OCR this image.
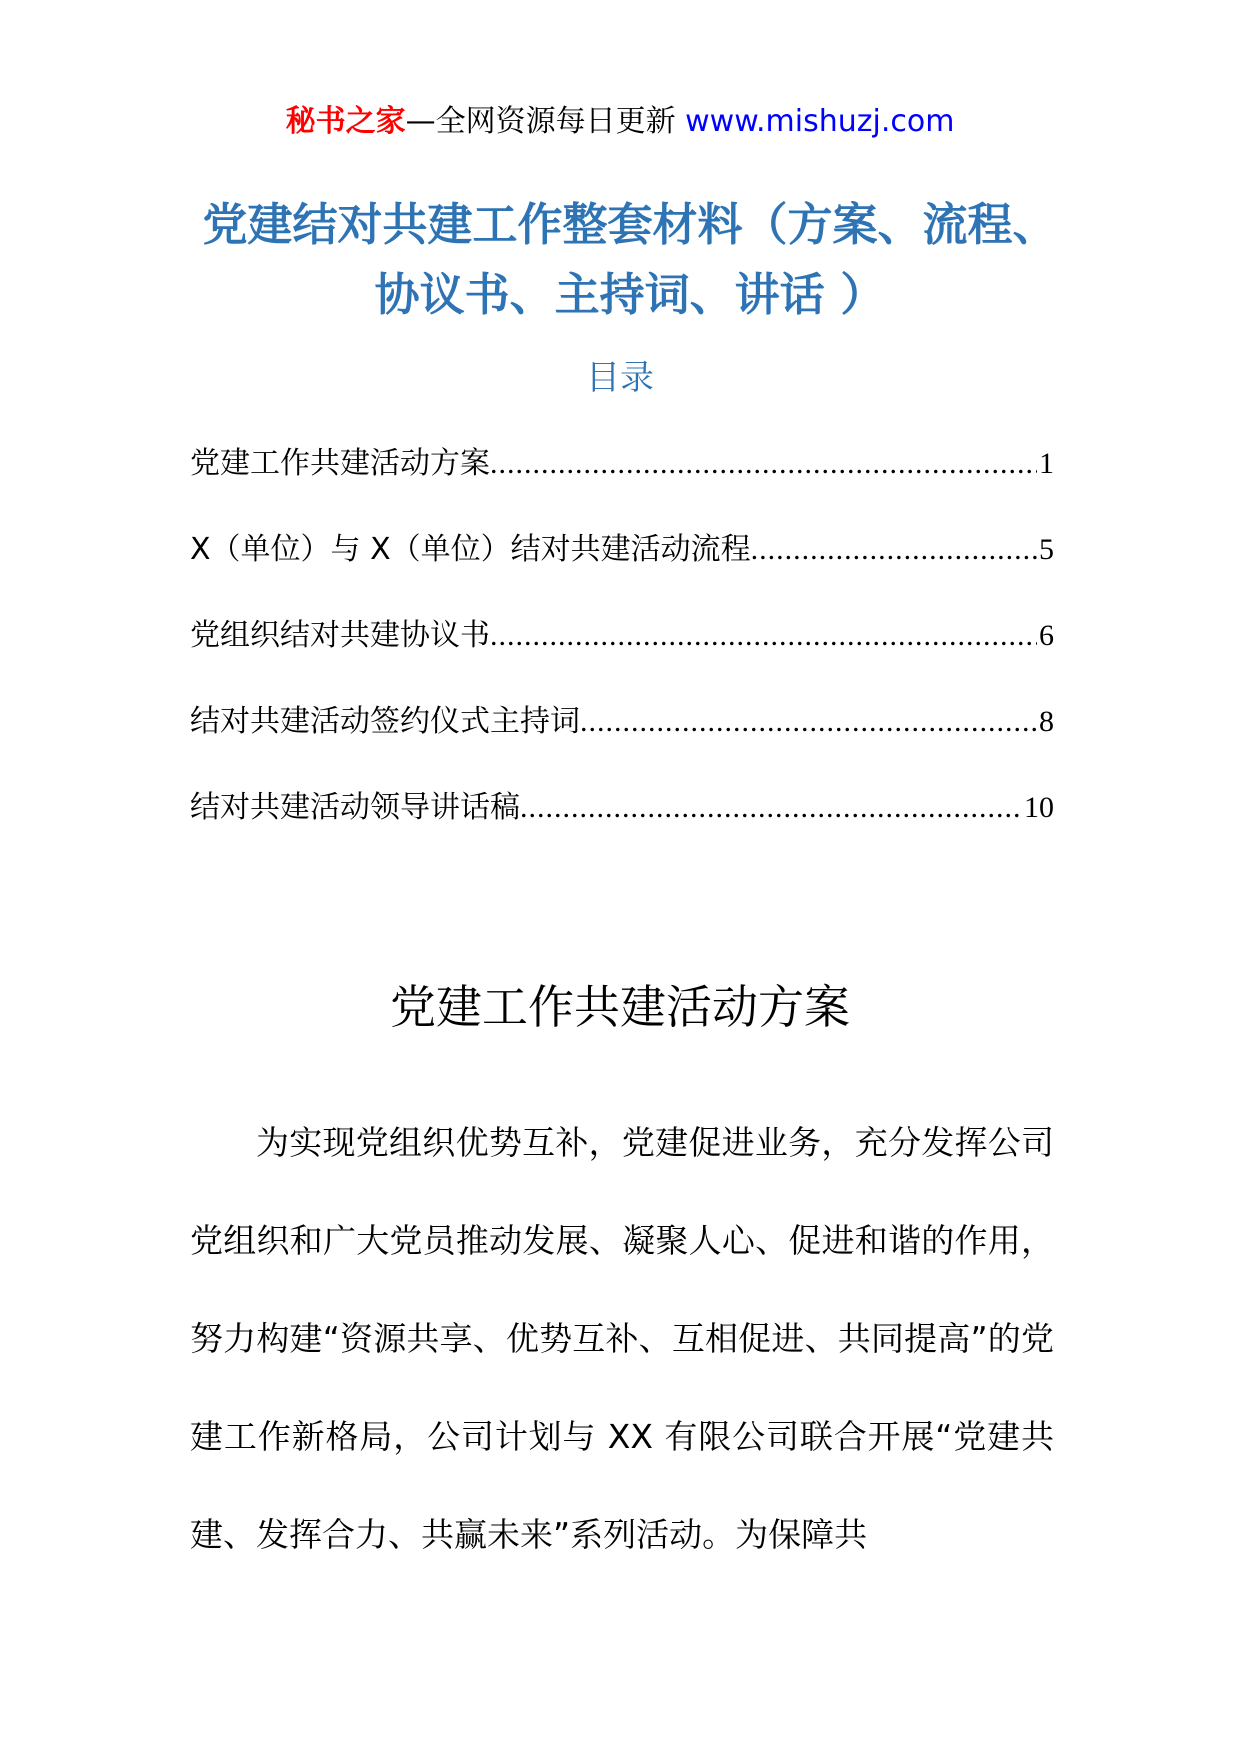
秘书之家—全网资源每日更新 www.mishuzj.com
党建结对共建工作整套材料（方案、流程、协议书、主持词、讲话 ）
目录
党建工作共建活动方案 .....	1
X（单位）与 X（单位）结对共建活动流程 .....	5
党组织结对共建协议书 .....	6
结对共建活动签约仪式主持词 .....	8
结对共建活动领导讲话稿 .....	10
党建工作共建活动方案

为实现党组织优势互补，党建促进业务，充分发挥公司党组织和广大党员推动发展、凝聚人心、促进和谐的作用，努力构建“资源共享、优势互补、互相促进、共同提高”的党建工作新格局，公司计划与 XX 有限公司联合开展“党建共建、发挥合力、共赢未来”系列活动。为保障共
